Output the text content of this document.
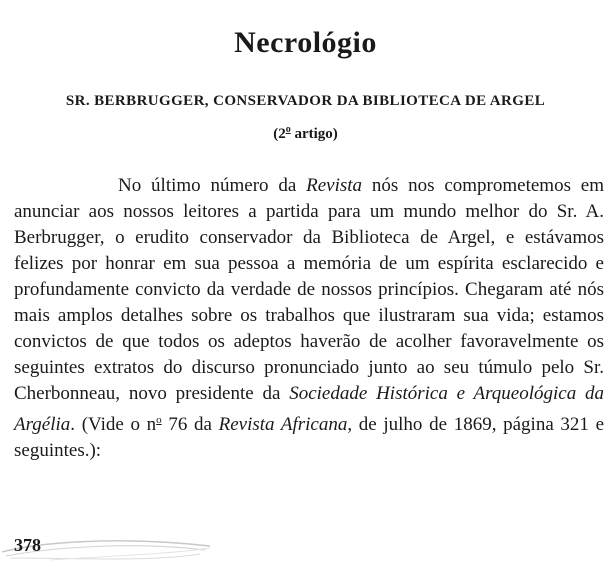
Necrológio
SR. BERBRUGGER, CONSERVADOR DA BIBLIOTECA DE ARGEL
(2$^o$ artigo)

No último número da Revista nós nos comprometemos em anunciar aos nossos leitores a partida para um mundo melhor do Sr. A. Berbrugger, o erudito conservador da Biblioteca de Argel, e estávamos felizes por honrar em sua pessoa a memória de um espírita esclarecido e profundamente convicto da verdade de nossos princípios. Chegaram até nós mais amplos detalhes sobre os trabalhos que ilustraram sua vida; estamos convictos de que todos os adeptos haverão de acolher favoravelmente os seguintes extratos do discurso pronunciado junto ao seu túmulo pelo Sr. Cherbonneau, novo presidente da Sociedade Histórica e Arqueológica da Argélia. (Vide o $n^o$ 76 da Revista Africana, de julho de 1869, página 321 e seguintes.):

378
